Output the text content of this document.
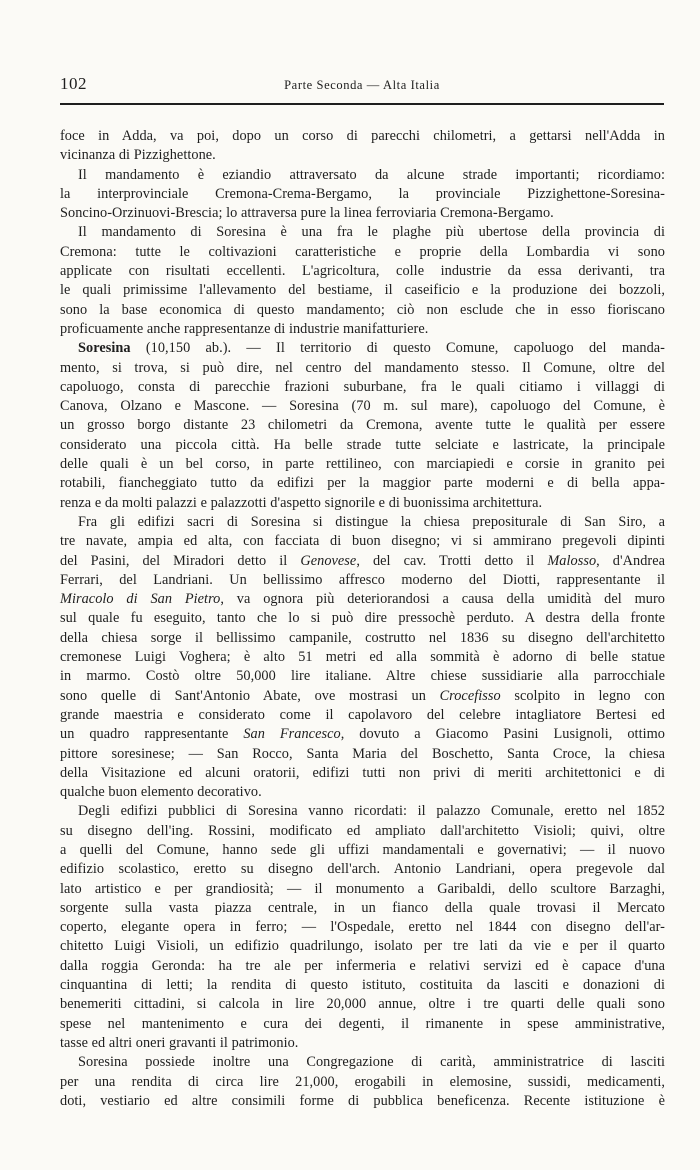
102	Parte Seconda — Alta Italia
foce in Adda, va poi, dopo un corso di parecchi chilometri, a gettarsi nell'Adda in
vicinanza di Pizzighettone.
Il mandamento è eziandio attraversato da alcune strade importanti; ricordiamo:
la interprovinciale Cremona-Crema-Bergamo, la provinciale Pizzighettone-Soresina-
Soncino-Orzinuovi-Brescia; lo attraversa pure la linea ferroviaria Cremona-Bergamo.
Il mandamento di Soresina è una fra le plaghe più ubertose della provincia di
Cremona: tutte le coltivazioni caratteristiche e proprie della Lombardia vi sono
applicate con risultati eccellenti. L'agricoltura, colle industrie da essa derivanti, tra
le quali primissime l'allevamento del bestiame, il caseificio e la produzione dei bozzoli,
sono la base economica di questo mandamento; ciò non esclude che in esso fioriscano
proficuamente anche rappresentanze di industrie manifatturiere.
Soresina (10,150 ab.). — Il territorio di questo Comune, capoluogo del manda-
mento, si trova, si può dire, nel centro del mandamento stesso. Il Comune, oltre del
capoluogo, consta di parecchie frazioni suburbane, fra le quali citiamo i villaggi di
Canova, Olzano e Mascone. — Soresina (70 m. sul mare), capoluogo del Comune, è
un grosso borgo distante 23 chilometri da Cremona, avente tutte le qualità per essere
considerato una piccola città. Ha belle strade tutte selciate e lastricate, la principale
delle quali è un bel corso, in parte rettilineo, con marciapiedi e corsie in granito pei
rotabili, fiancheggiato tutto da edifizi per la maggior parte moderni e di bella appa-
renza e da molti palazzi e palazzotti d'aspetto signorile e di buonissima architettura.
Fra gli edifizi sacri di Soresina si distingue la chiesa prepositurale di San Siro, a
tre navate, ampia ed alta, con facciata di buon disegno; vi si ammirano pregevoli dipinti
del Pasini, del Miradori detto il Genovese, del cav. Trotti detto il Malosso, d'Andrea
Ferrari, del Landriani. Un bellissimo affresco moderno del Diotti, rappresentante il
Miracolo di San Pietro, va ognora più deteriorandosi a causa della umidità del muro
sul quale fu eseguito, tanto che lo si può dire pressochè perduto. A destra della fronte
della chiesa sorge il bellissimo campanile, costrutto nel 1836 su disegno dell'architetto
cremonese Luigi Voghera; è alto 51 metri ed alla sommità è adorno di belle statue
in marmo. Costò oltre 50,000 lire italiane. Altre chiese sussidiarie alla parrocchiale
sono quelle di Sant'Antonio Abate, ove mostrasi un Crocefisso scolpito in legno con
grande maestria e considerato come il capolavoro del celebre intagliatore Bertesi ed
un quadro rappresentante San Francesco, dovuto a Giacomo Pasini Lusignoli, ottimo
pittore soresinese; — San Rocco, Santa Maria del Boschetto, Santa Croce, la chiesa
della Visitazione ed alcuni oratorii, edifizi tutti non privi di meriti architettonici e di
qualche buon elemento decorativo.
Degli edifizi pubblici di Soresina vanno ricordati: il palazzo Comunale, eretto nel 1852
su disegno dell'ing. Rossini, modificato ed ampliato dall'architetto Visioli; quivi, oltre
a quelli del Comune, hanno sede gli uffizi mandamentali e governativi; — il nuovo
edifizio scolastico, eretto su disegno dell'arch. Antonio Landriani, opera pregevole dal
lato artistico e per grandiosità; — il monumento a Garibaldi, dello scultore Barzaghi,
sorgente sulla vasta piazza centrale, in un fianco della quale trovasi il Mercato
coperto, elegante opera in ferro; — l'Ospedale, eretto nel 1844 con disegno dell'ar-
chitetto Luigi Visioli, un edifizio quadrilungo, isolato per tre lati da vie e per il quarto
dalla roggia Geronda: ha tre ale per infermeria e relativi servizi ed è capace d'una
cinquantina di letti; la rendita di questo istituto, costituita da lasciti e donazioni di
benemeriti cittadini, si calcola in lire 20,000 annue, oltre i tre quarti delle quali sono
spese nel mantenimento e cura dei degenti, il rimanente in spese amministrative,
tasse ed altri oneri gravanti il patrimonio.
Soresina possiede inoltre una Congregazione di carità, amministratrice di lasciti
per una rendita di circa lire 21,000, erogabili in elemosine, sussidi, medicamenti,
doti, vestiario ed altre consimili forme di pubblica beneficenza. Recente istituzione è
